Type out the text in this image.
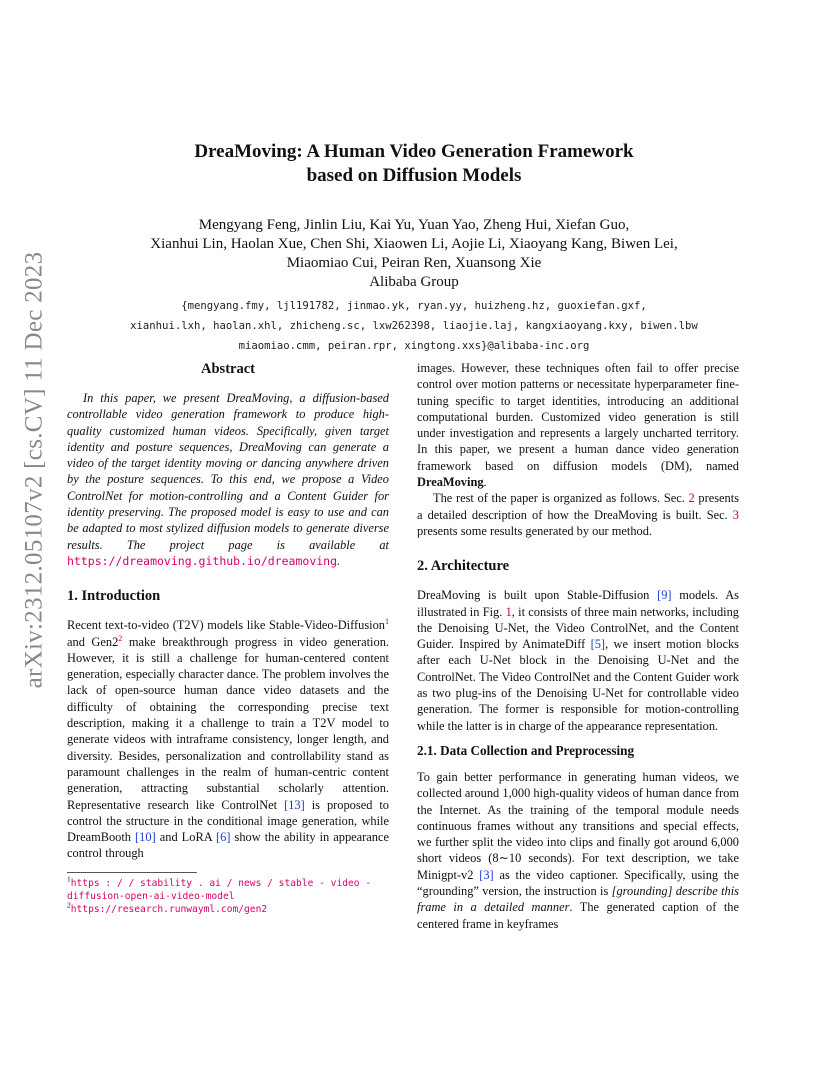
arXiv:2312.05107v2 [cs.CV] 11 Dec 2023
DreaMoving: A Human Video Generation Framework
based on Diffusion Models
Mengyang Feng, Jinlin Liu, Kai Yu, Yuan Yao, Zheng Hui, Xiefan Guo,
Xianhui Lin, Haolan Xue, Chen Shi, Xiaowen Li, Aojie Li, Xiaoyang Kang, Biwen Lei,
Miaomiao Cui, Peiran Ren, Xuansong Xie
Alibaba Group
{mengyang.fmy, ljl191782, jinmao.yk, ryan.yy, huizheng.hz, guoxiefan.gxf,
xianhui.lxh, haolan.xhl, zhicheng.sc, lxw262398, liaojie.laj, kangxiaoyang.kxy, biwen.lbw
miaomiao.cmm, peiran.rpr, xingtong.xxs}@alibaba-inc.org
Abstract

In this paper, we present DreaMoving, a diffusion-based controllable video generation framework to produce high-quality customized human videos. Specifically, given target identity and posture sequences, DreaMoving can generate a video of the target identity moving or dancing anywhere driven by the posture sequences. To this end, we propose a Video ControlNet for motion-controlling and a Content Guider for identity preserving. The proposed model is easy to use and can be adapted to most stylized diffusion models to generate diverse results. The project page is available at https://dreamoving.github.io/dreamoving.

1. Introduction

Recent text-to-video (T2V) models like Stable-Video-Diffusion$^1$ and $Gen2^2$ make breakthrough progress in video generation. However, it is still a challenge for human-centered content generation, especially character dance. The problem involves the lack of open-source human dance video datasets and the difficulty of obtaining the corresponding precise text description, making it a challenge to train a T2V model to generate videos with intraframe consistency, longer length, and diversity. Besides, personalization and controllability stand as paramount challenges in the realm of human-centric content generation, attracting substantial scholarly attention. Representative research like ControlNet [13] is proposed to control the structure in the conditional image generation, while DreamBooth [10] and LoRA [6] show the ability in appearance control through

$^1$https : / / stability . ai / news / stable - video - diffusion-open-ai-video-model
$^2$https://research.runwayml.com/gen2

images. However, these techniques often fail to offer precise control over motion patterns or necessitate hyperparameter fine-tuning specific to target identities, introducing an additional computational burden. Customized video generation is still under investigation and represents a largely uncharted territory. In this paper, we present a human dance video generation framework based on diffusion models (DM), named DreaMoving.

The rest of the paper is organized as follows. Sec. 2 presents a detailed description of how the DreaMoving is built. Sec. 3 presents some results generated by our method.

2. Architecture

DreaMoving is built upon Stable-Diffusion [9] models. As illustrated in Fig. 1, it consists of three main networks, including the Denoising U-Net, the Video ControlNet, and the Content Guider. Inspired by AnimateDiff [5], we insert motion blocks after each U-Net block in the Denoising U-Net and the ControlNet. The Video ControlNet and the Content Guider work as two plug-ins of the Denoising U-Net for controllable video generation. The former is responsible for motion-controlling while the latter is in charge of the appearance representation.

2.1. Data Collection and Preprocessing

To gain better performance in generating human videos, we collected around 1,000 high-quality videos of human dance from the Internet. As the training of the temporal module needs continuous frames without any transitions and special effects, we further split the video into clips and finally got around 6,000 short videos (8∼10 seconds). For text description, we take Minigpt-v2 [3] as the video captioner. Specifically, using the “grounding” version, the instruction is [grounding] describe this frame in a detailed manner. The generated caption of the centered frame in keyframes
